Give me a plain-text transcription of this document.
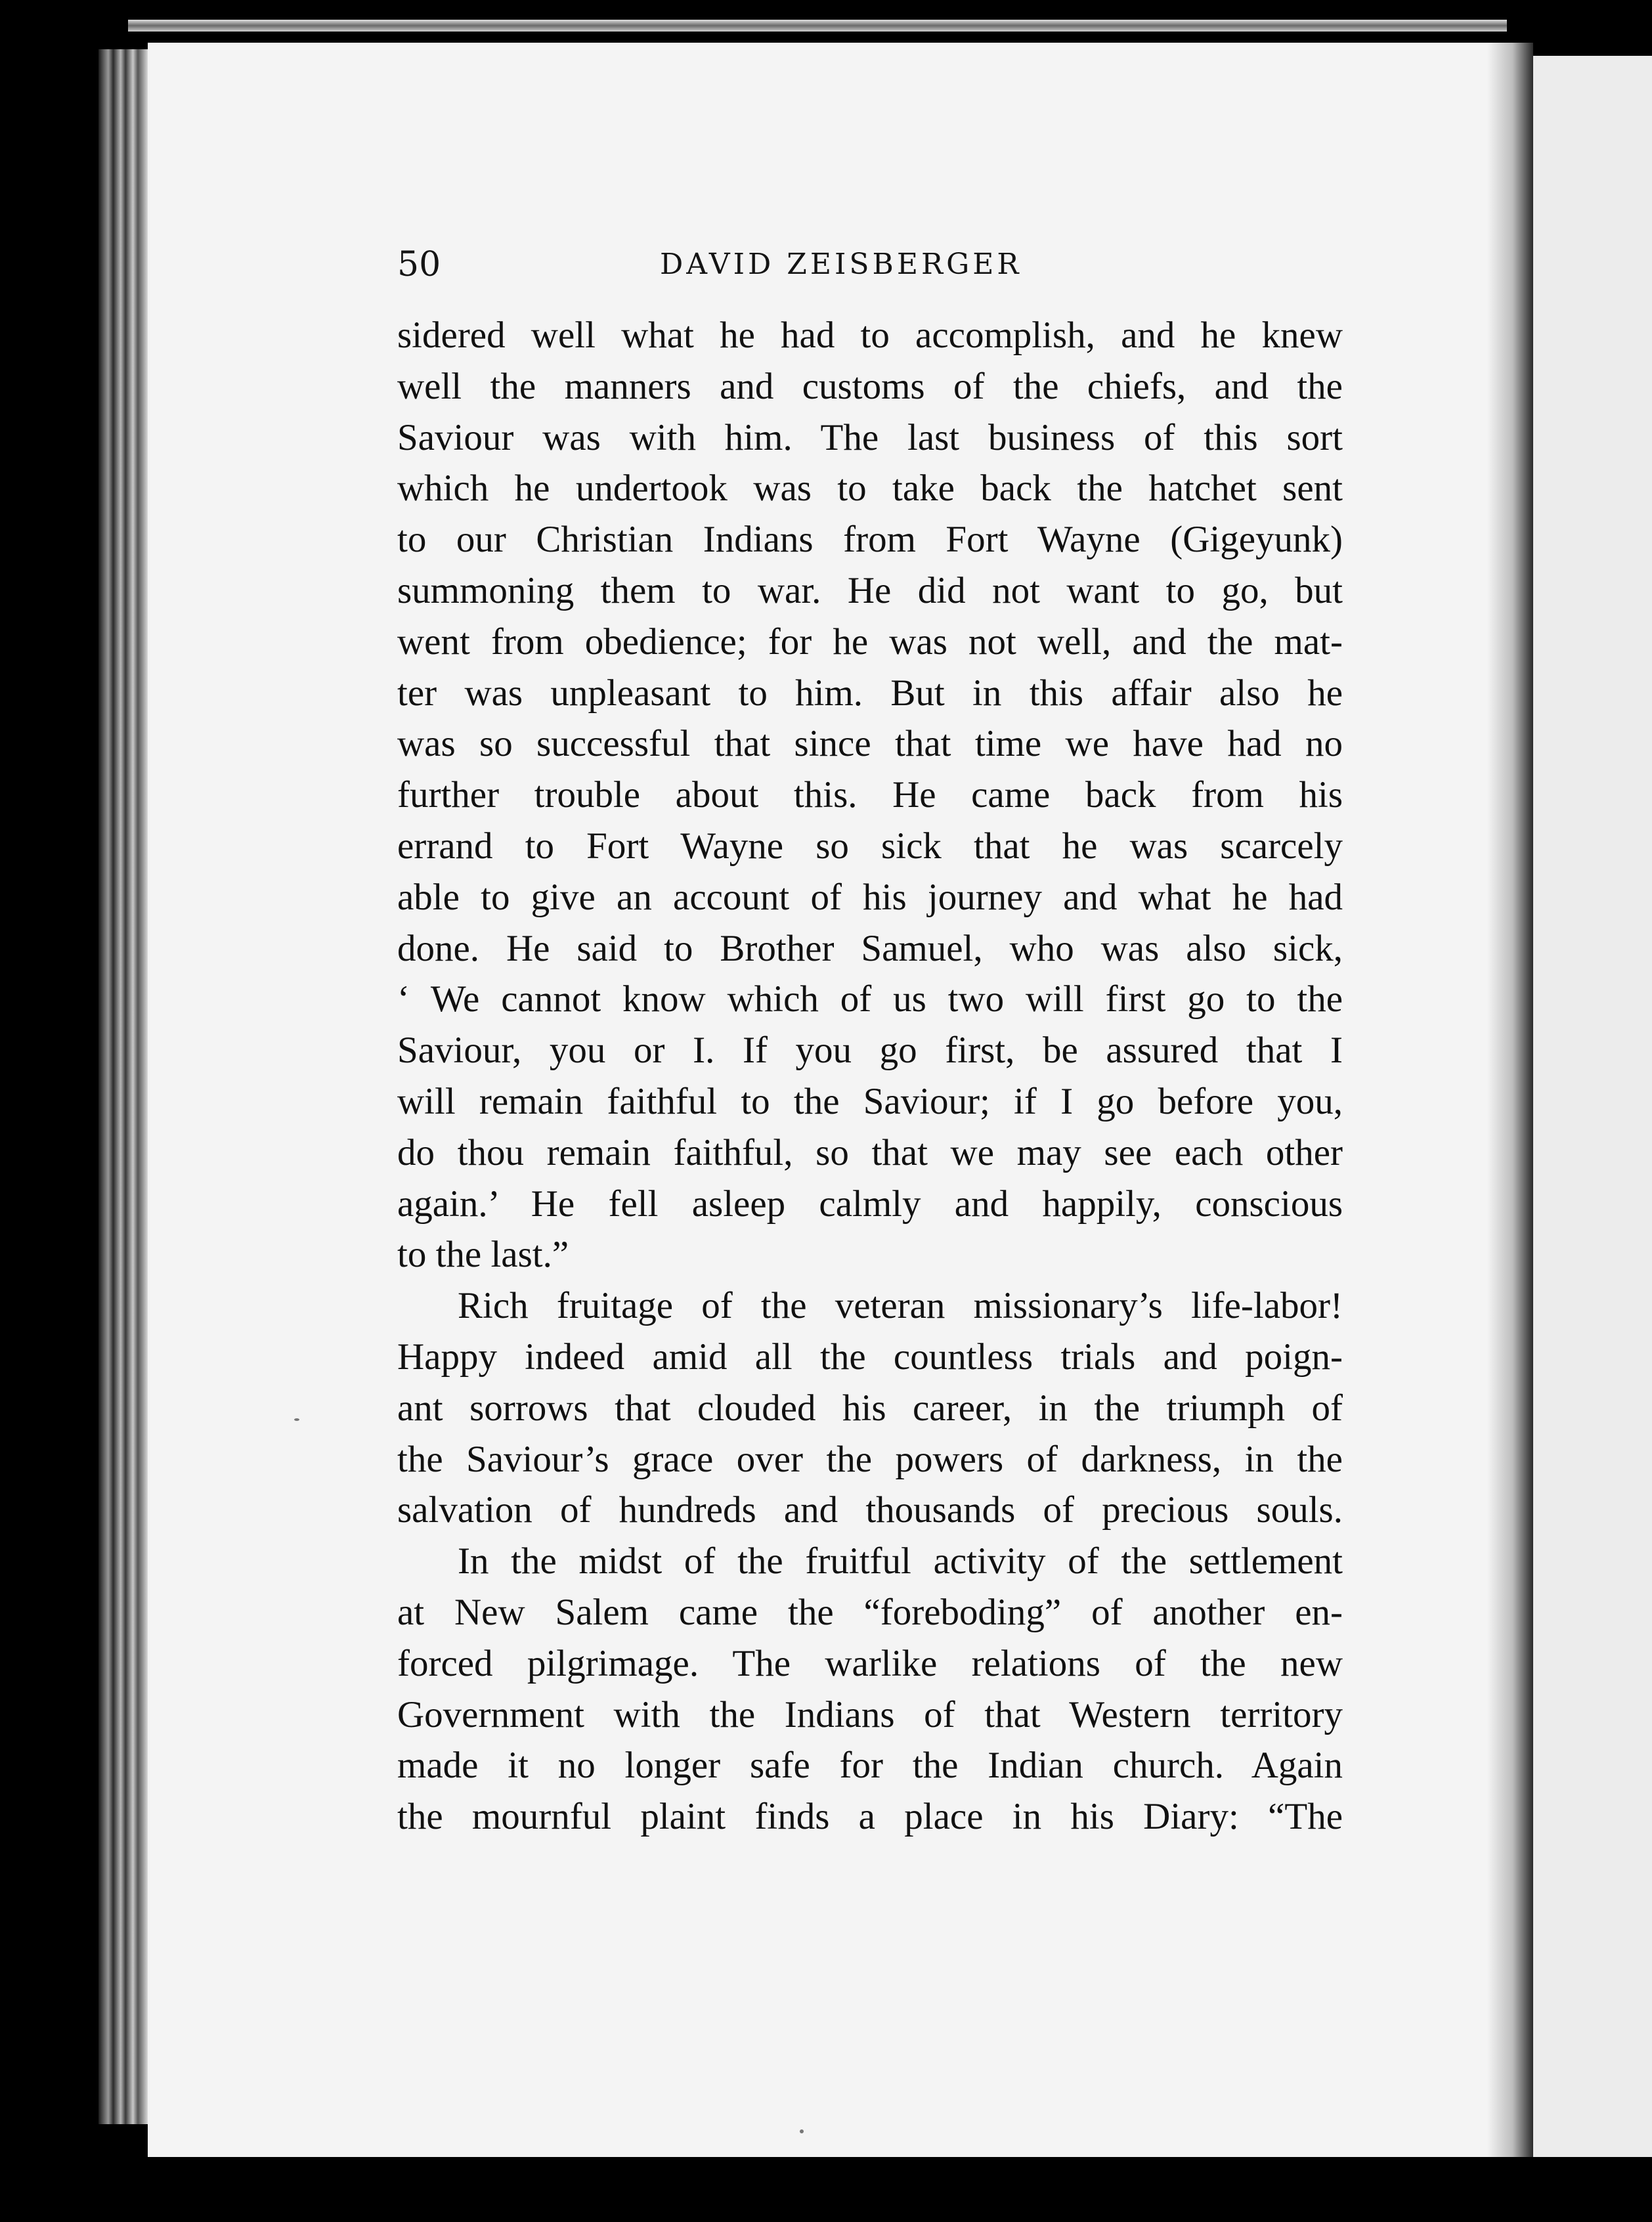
50	DAVID ZEISBERGER
sidered well what he had to accomplish, and he knew
well the manners and customs of the chiefs, and the
Saviour was with him. The last business of this sort
which he undertook was to take back the hatchet sent
to our Christian Indians from Fort Wayne (Gigeyunk)
summoning them to war. He did not want to go, but
went from obedience; for he was not well, and the mat-
ter was unpleasant to him. But in this affair also he
was so successful that since that time we have had no
further trouble about this. He came back from his
errand to Fort Wayne so sick that he was scarcely
able to give an account of his journey and what he had
done. He said to Brother Samuel, who was also sick,
‘ We cannot know which of us two will first go to the
Saviour, you or I. If you go first, be assured that I
will remain faithful to the Saviour; if I go before you,
do thou remain faithful, so that we may see each other
again.’ He fell asleep calmly and happily, conscious
to the last.”
Rich fruitage of the veteran missionary’s life-labor!
Happy indeed amid all the countless trials and poign-
ant sorrows that clouded his career, in the triumph of
the Saviour’s grace over the powers of darkness, in the
salvation of hundreds and thousands of precious souls.
In the midst of the fruitful activity of the settlement
at New Salem came the “foreboding” of another en-
forced pilgrimage. The warlike relations of the new
Government with the Indians of that Western territory
made it no longer safe for the Indian church. Again
the mournful plaint finds a place in his Diary: “The
